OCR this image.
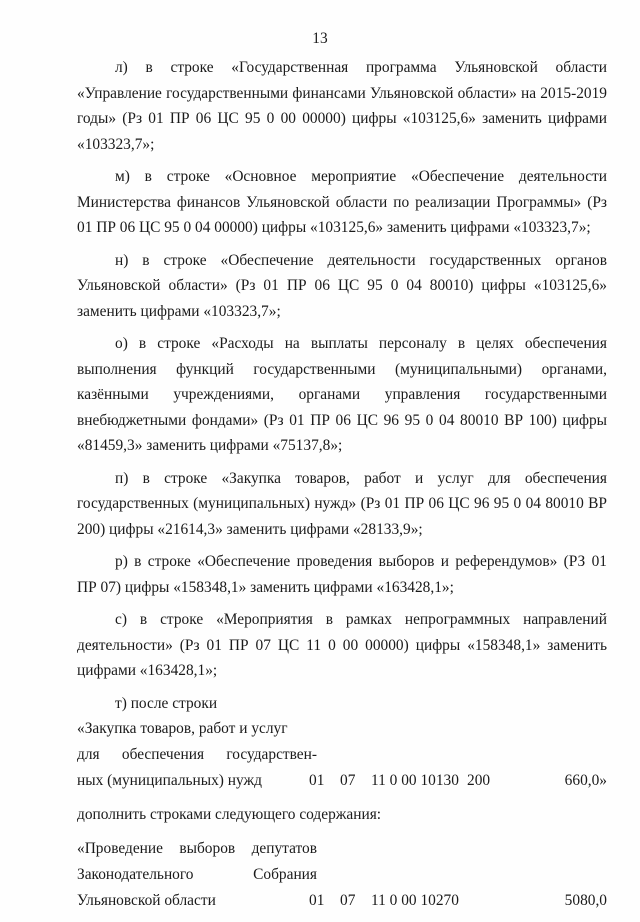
13

л) в строке «Государственная программа Ульяновской области «Управление государственными финансами Ульяновской области» на 2015-2019 годы» (Рз 01 ПР 06 ЦС 95 0 00 00000) цифры «103125,6» заменить цифрами «103323,7»;

м) в строке «Основное мероприятие «Обеспечение деятельности Министерства финансов Ульяновской области по реализации Программы» (Рз 01 ПР 06 ЦС 95 0 04 00000) цифры «103125,6» заменить цифрами «103323,7»;

н) в строке «Обеспечение деятельности государственных органов Ульяновской области» (Рз 01 ПР 06 ЦС 95 0 04 80010) цифры «103125,6» заменить цифрами «103323,7»;

о) в строке «Расходы на выплаты персоналу в целях обеспечения выполнения функций государственными (муниципальными) органами, казёнными учреждениями, органами управления государственными внебюджетными фондами» (Рз 01 ПР 06 ЦС 96 95 0 04 80010 ВР 100) цифры «81459,3» заменить цифрами «75137,8»;

п) в строке «Закупка товаров, работ и услуг для обеспечения государственных (муниципальных) нужд» (Рз 01 ПР 06 ЦС 96 95 0 04 80010 ВР 200) цифры «21614,3» заменить цифрами «28133,9»;

р) в строке «Обеспечение проведения выборов и референдумов» (РЗ 01 ПР 07) цифры «158348,1» заменить цифрами «163428,1»;

с) в строке «Мероприятия в рамках непрограммных направлений деятельности» (Рз 01 ПР 07 ЦС 11 0 00 00000) цифры «158348,1» заменить цифрами «163428,1»;

т) после строки

«Закупка товаров, работ и услуг
для обеспечения государствен-
ных (муниципальных) нужд	01 07 11 0 00 10130 200	660,0»

дополнить строками следующего содержания:

«Проведение выборов депутатов
Законодательного Собрания
Ульяновской области	01 07 11 0 00 10270	5080,0
